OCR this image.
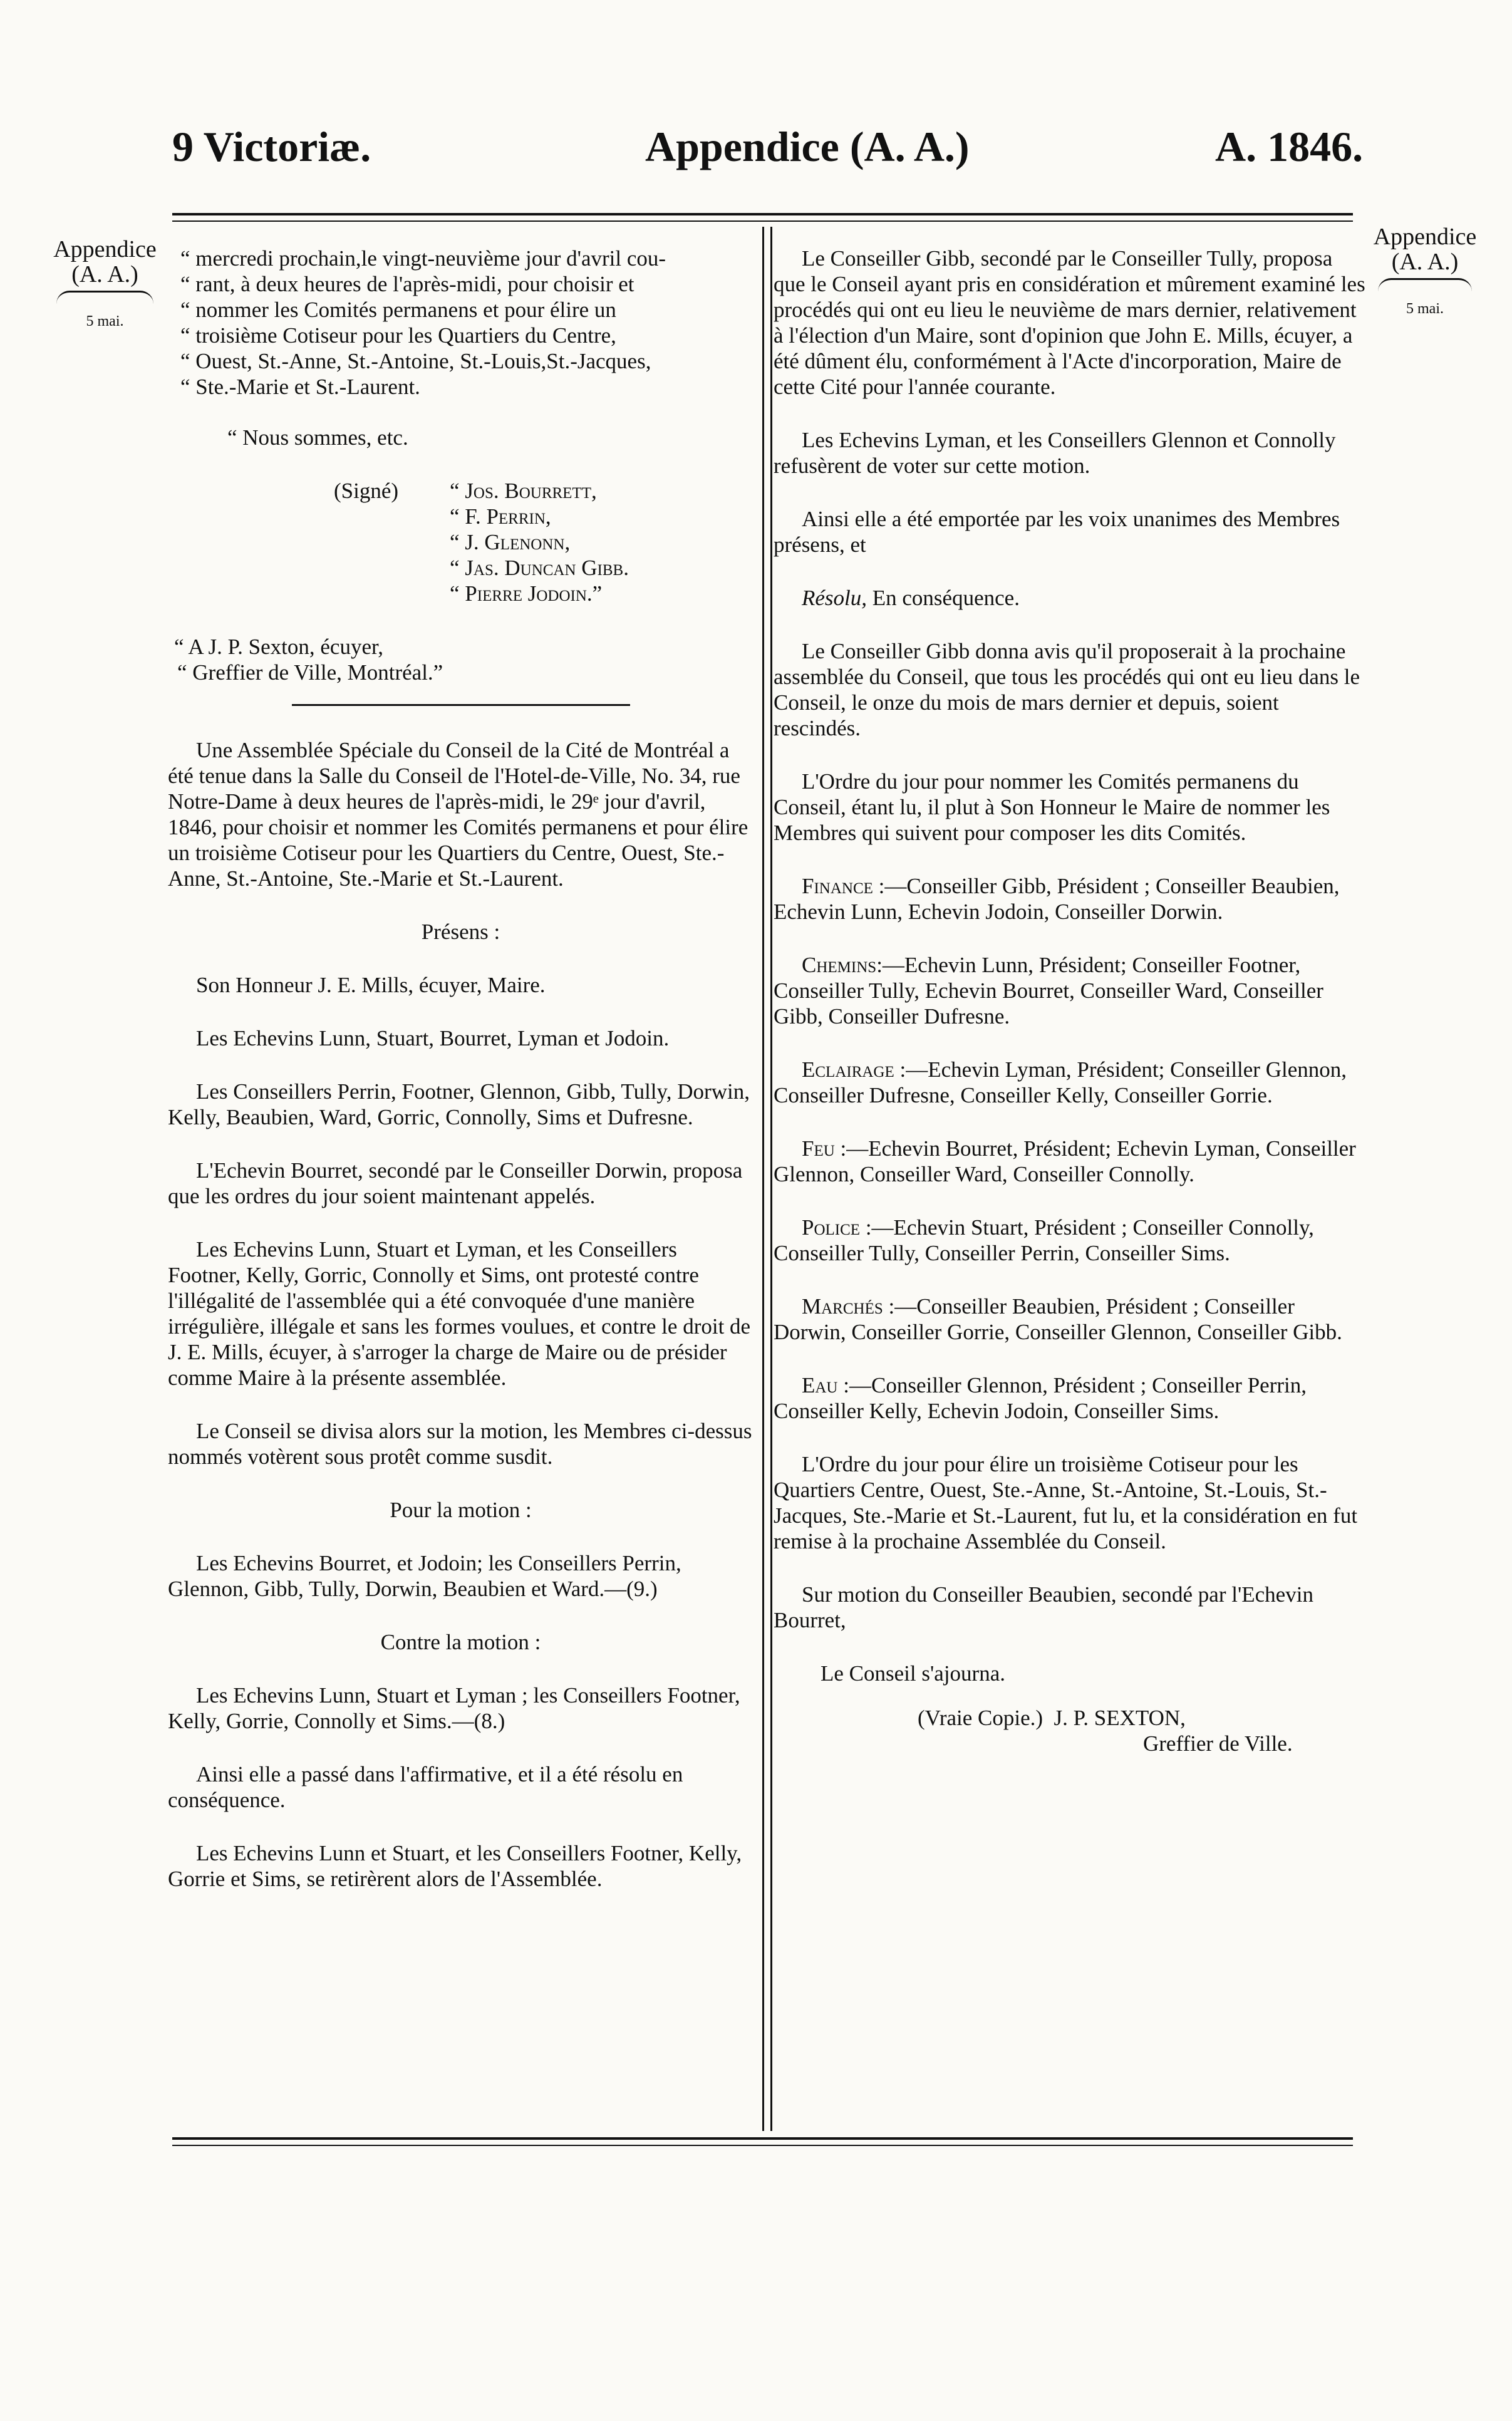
9 Victoriæ.	Appendice (A. A.)	A. 1846.
Appendice
(A. A.)
5 mai.
Appendice
(A. A.)
5 mai.
“ mercredi prochain,le vingt-neuvième jour d'avril cou-
“ rant, à deux heures de l'après-midi, pour choisir et
“ nommer les Comités permanens et pour élire un
“ troisième Cotiseur pour les Quartiers du Centre,
“ Ouest, St.-Anne, St.-Antoine, St.-Louis,St.-Jacques,
“ Ste.-Marie et St.-Laurent.

“ Nous sommes, etc.

(Signé) “ Jos. Bourrett,
“ F. Perrin,
“ J. Glenonn,
“ Jas. Duncan Gibb.
“ Pierre Jodoin.”
“ A J. P. Sexton, écuyer,
“ Greffier de Ville, Montréal.”

Une Assemblée Spéciale du Conseil de la Cité de Montréal a été tenue dans la Salle du Conseil de l'Hotel-de-Ville, No. 34, rue Notre-Dame à deux heures de l'après-midi, le 29ᵉ jour d'avril, 1846, pour choisir et nommer les Comités permanens et pour élire un troisième Cotiseur pour les Quartiers du Centre, Ouest, Ste.-Anne, St.-Antoine, Ste.-Marie et St.-Laurent.

Présens :

Son Honneur J. E. Mills, écuyer, Maire.

Les Echevins Lunn, Stuart, Bourret, Lyman et Jodoin.

Les Conseillers Perrin, Footner, Glennon, Gibb, Tully, Dorwin, Kelly, Beaubien, Ward, Gorric, Connolly, Sims et Dufresne.

L'Echevin Bourret, secondé par le Conseiller Dorwin, proposa que les ordres du jour soient maintenant appelés.

Les Echevins Lunn, Stuart et Lyman, et les Conseillers Footner, Kelly, Gorric, Connolly et Sims, ont protesté contre l'illégalité de l'assemblée qui a été convoquée d'une manière irrégulière, illégale et sans les formes voulues, et contre le droit de J. E. Mills, écuyer, à s'arroger la charge de Maire ou de présider comme Maire à la présente assemblée.

Le Conseil se divisa alors sur la motion, les Membres ci-dessus nommés votèrent sous protêt comme susdit.

Pour la motion :

Les Echevins Bourret, et Jodoin; les Conseillers Perrin, Glennon, Gibb, Tully, Dorwin, Beaubien et Ward.—(9.)

Contre la motion :

Les Echevins Lunn, Stuart et Lyman ; les Conseillers Footner, Kelly, Gorrie, Connolly et Sims.—(8.)

Ainsi elle a passé dans l'affirmative, et il a été résolu en conséquence.

Les Echevins Lunn et Stuart, et les Conseillers Footner, Kelly, Gorrie et Sims, se retirèrent alors de l'Assemblée.

Le Conseiller Gibb, secondé par le Conseiller Tully, proposa que le Conseil ayant pris en considération et mûrement examiné les procédés qui ont eu lieu le neuvième de mars dernier, relativement à l'élection d'un Maire, sont d'opinion que John E. Mills, écuyer, a été dûment élu, conformément à l'Acte d'incorporation, Maire de cette Cité pour l'année courante.

Les Echevins Lyman, et les Conseillers Glennon et Connolly refusèrent de voter sur cette motion.

Ainsi elle a été emportée par les voix unanimes des Membres présens, et

Résolu, En conséquence.

Le Conseiller Gibb donna avis qu'il proposerait à la prochaine assemblée du Conseil, que tous les procédés qui ont eu lieu dans le Conseil, le onze du mois de mars dernier et depuis, soient rescindés.

L'Ordre du jour pour nommer les Comités permanens du Conseil, étant lu, il plut à Son Honneur le Maire de nommer les Membres qui suivent pour composer les dits Comités.

Finance :—Conseiller Gibb, Président ; Conseiller Beaubien, Echevin Lunn, Echevin Jodoin, Conseiller Dorwin.

Chemins:—Echevin Lunn, Président; Conseiller Footner, Conseiller Tully, Echevin Bourret, Conseiller Ward, Conseiller Gibb, Conseiller Dufresne.

Eclairage :—Echevin Lyman, Président; Conseiller Glennon, Conseiller Dufresne, Conseiller Kelly, Conseiller Gorrie.

Feu :—Echevin Bourret, Président; Echevin Lyman, Conseiller Glennon, Conseiller Ward, Conseiller Connolly.

Police :—Echevin Stuart, Président ; Conseiller Connolly, Conseiller Tully, Conseiller Perrin, Conseiller Sims.

Marchés :—Conseiller Beaubien, Président ; Conseiller Dorwin, Conseiller Gorrie, Conseiller Glennon, Conseiller Gibb.

Eau :—Conseiller Glennon, Président ; Conseiller Perrin, Conseiller Kelly, Echevin Jodoin, Conseiller Sims.

L'Ordre du jour pour élire un troisième Cotiseur pour les Quartiers Centre, Ouest, Ste.-Anne, St.-Antoine, St.-Louis, St.-Jacques, Ste.-Marie et St.-Laurent, fut lu, et la considération en fut remise à la prochaine Assemblée du Conseil.

Sur motion du Conseiller Beaubien, secondé par l'Echevin Bourret,

Le Conseil s'ajourna.

(Vraie Copie.) J. P. SEXTON,
Greffier de Ville.
